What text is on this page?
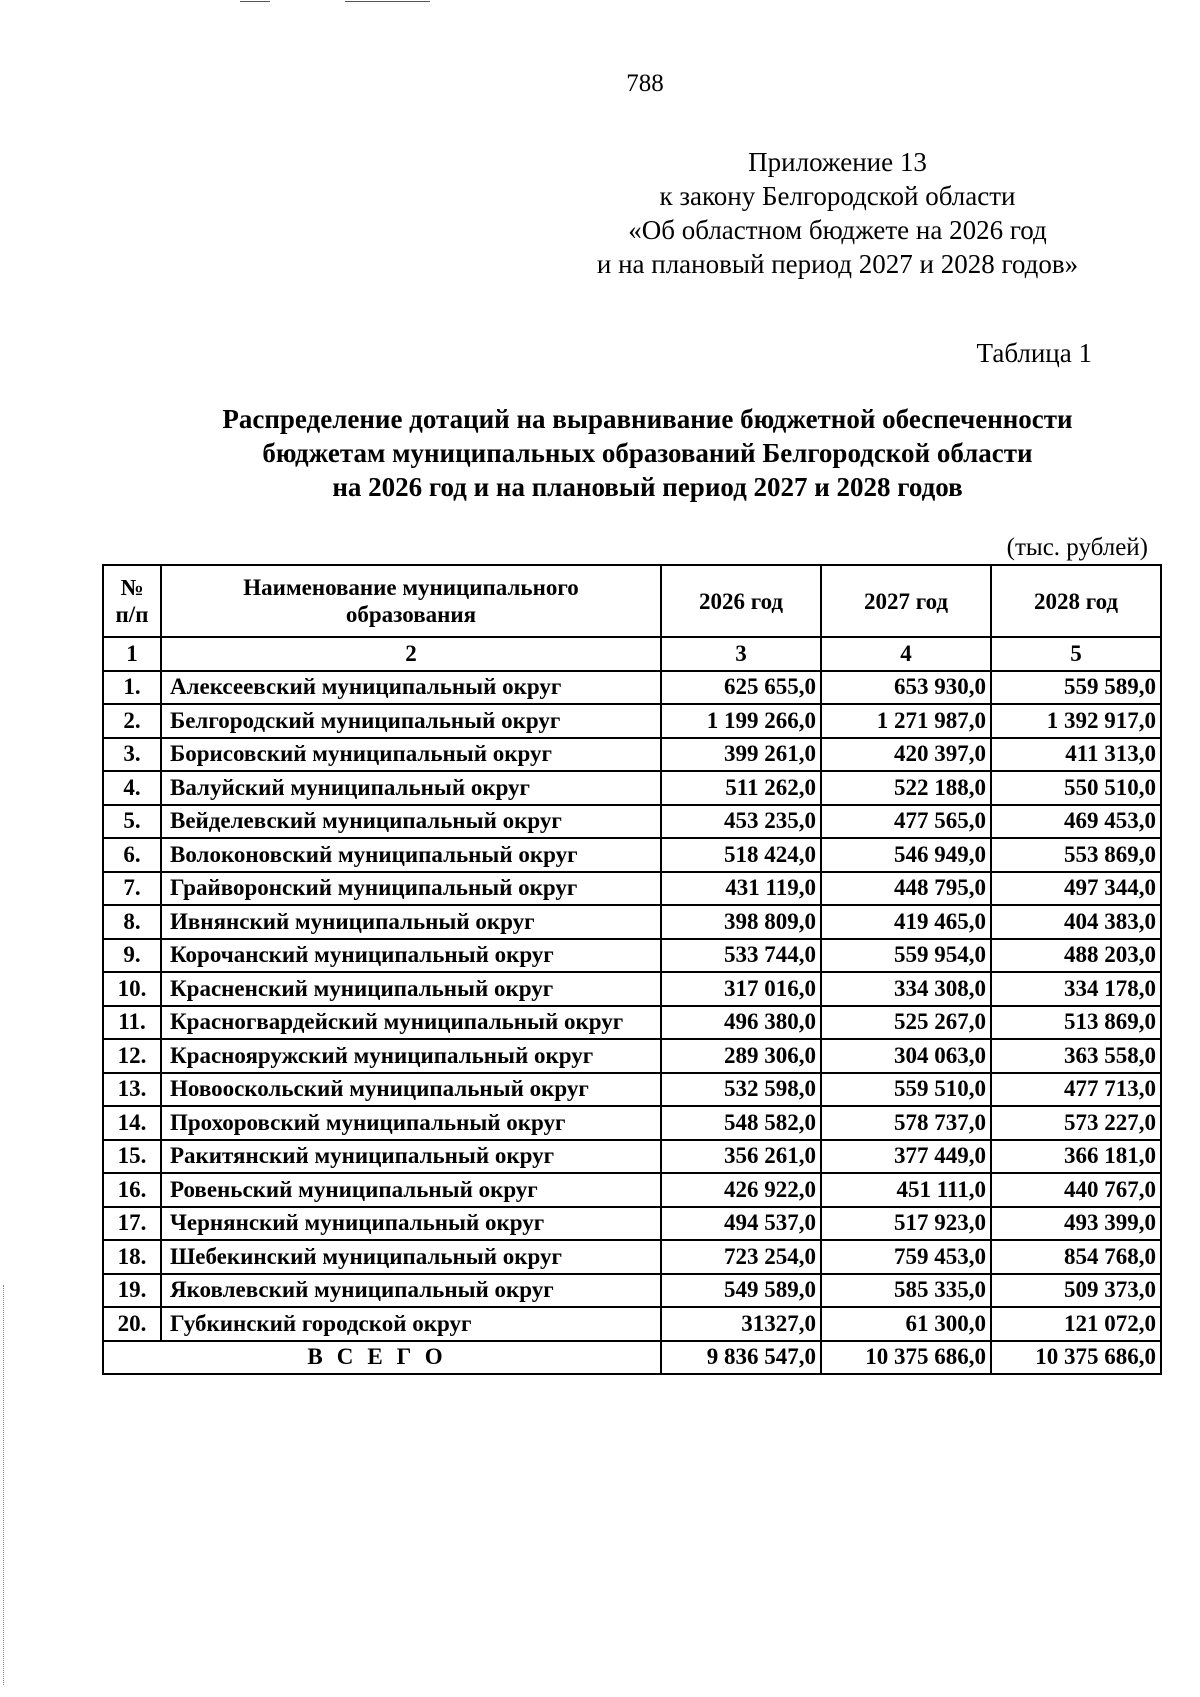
788
Приложение 13
к закону Белгородской области
«Об областном бюджете на 2026 год
и на плановый период 2027 и 2028 годов»
Таблица 1
Распределение дотаций на выравнивание бюджетной обеспеченности
бюджетам муниципальных образований Белгородской области
на 2026 год и на плановый период 2027 и 2028 годов
(тыс. рублей)
№
п/п	Наименование муниципального образования	2026 год	2027 год	2028 год
1	2	3	4	5
1.	Алексеевский муниципальный округ	625 655,0	653 930,0	559 589,0
2.	Белгородский муниципальный округ	1 199 266,0	1 271 987,0	1 392 917,0
3.	Борисовский муниципальный округ	399 261,0	420 397,0	411 313,0
4.	Валуйский муниципальный округ	511 262,0	522 188,0	550 510,0
5.	Вейделевский муниципальный округ	453 235,0	477 565,0	469 453,0
6.	Волоконовский муниципальный округ	518 424,0	546 949,0	553 869,0
7.	Грайворонский муниципальный округ	431 119,0	448 795,0	497 344,0
8.	Ивнянский муниципальный округ	398 809,0	419 465,0	404 383,0
9.	Корочанский муниципальный округ	533 744,0	559 954,0	488 203,0
10.	Красненский муниципальный округ	317 016,0	334 308,0	334 178,0
11.	Красногвардейский муниципальный округ	496 380,0	525 267,0	513 869,0
12.	Краснояружский муниципальный округ	289 306,0	304 063,0	363 558,0
13.	Новооскольский муниципальный округ	532 598,0	559 510,0	477 713,0
14.	Прохоровский муниципальный округ	548 582,0	578 737,0	573 227,0
15.	Ракитянский муниципальный округ	356 261,0	377 449,0	366 181,0
16.	Ровеньский муниципальный округ	426 922,0	451 111,0	440 767,0
17.	Чернянский муниципальный округ	494 537,0	517 923,0	493 399,0
18.	Шебекинский муниципальный округ	723 254,0	759 453,0	854 768,0
19.	Яковлевский муниципальный округ	549 589,0	585 335,0	509 373,0
20.	Губкинский городской округ	31327,0	61 300,0	121 072,0
ВСЕГО		9 836 547,0	10 375 686,0	10 375 686,0
